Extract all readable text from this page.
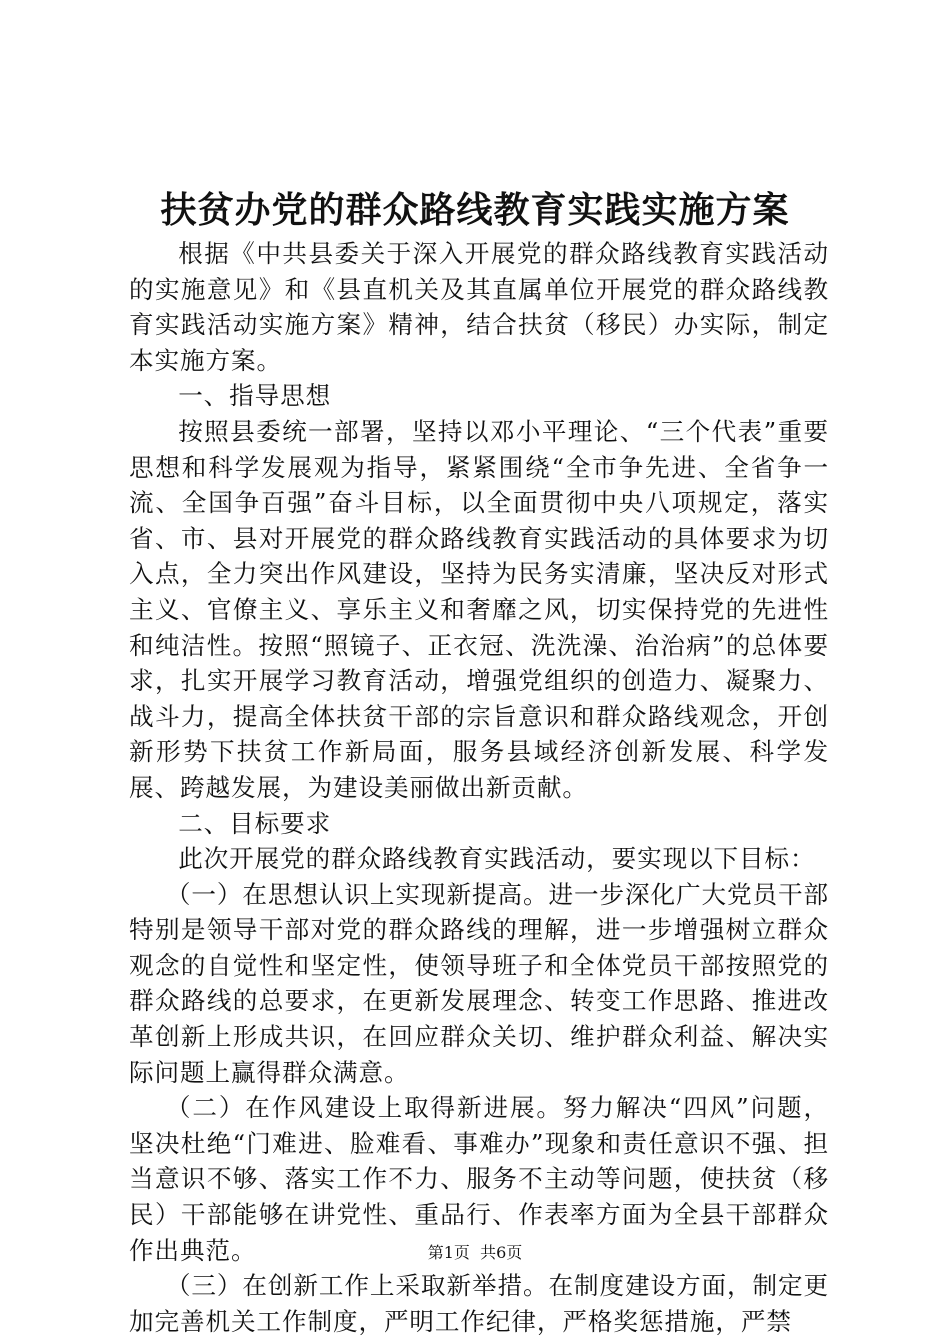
扶贫办党的群众路线教育实践实施方案

根据《中共县委关于深入开展党的群众路线教育实践活动的实施意见》和《县直机关及其直属单位开展党的群众路线教育实践活动实施方案》精神，结合扶贫（移民）办实际，制定本实施方案。

一、指导思想

按照县委统一部署，坚持以邓小平理论、“三个代表”重要思想和科学发展观为指导，紧紧围绕“全市争先进、全省争一流、全国争百强”奋斗目标，以全面贯彻中央八项规定，落实省、市、县对开展党的群众路线教育实践活动的具体要求为切入点，全力突出作风建设，坚持为民务实清廉，坚决反对形式主义、官僚主义、享乐主义和奢靡之风，切实保持党的先进性和纯洁性。按照“照镜子、正衣冠、洗洗澡、治治病”的总体要求，扎实开展学习教育活动，增强党组织的创造力、凝聚力、战斗力，提高全体扶贫干部的宗旨意识和群众路线观念，开创新形势下扶贫工作新局面，服务县域经济创新发展、科学发展、跨越发展，为建设美丽做出新贡献。

二、目标要求

此次开展党的群众路线教育实践活动，要实现以下目标：

（一）在思想认识上实现新提高。进一步深化广大党员干部特别是领导干部对党的群众路线的理解，进一步增强树立群众观念的自觉性和坚定性，使领导班子和全体党员干部按照党的群众路线的总要求，在更新发展理念、转变工作思路、推进改革创新上形成共识，在回应群众关切、维护群众利益、解决实际问题上赢得群众满意。

（二）在作风建设上取得新进展。努力解决“四风”问题，坚决杜绝“门难进、脸难看、事难办”现象和责任意识不强、担当意识不够、落实工作不力、服务不主动等问题，使扶贫（移民）干部能够在讲党性、重品行、作表率方面为全县干部群众作出典范。

（三）在创新工作上采取新举措。在制度建设方面，制定更加完善机关工作制度，严明工作纪律，严格奖惩措施，严禁

第1页 共6页
